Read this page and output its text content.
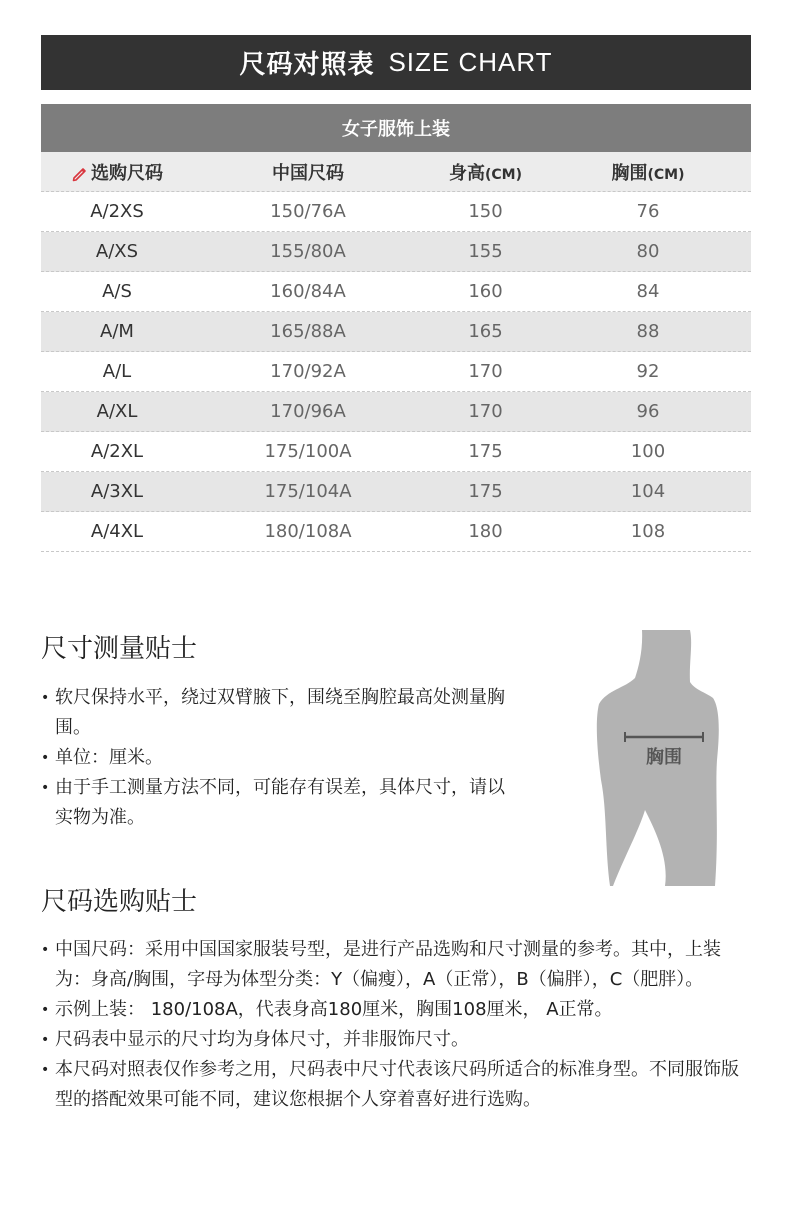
尺码对照表 SIZE CHART
女子服饰上装
选购尺码	中国尺码	身高(CM)	胸围(CM)
A/2XS	150/76A	150	76
A/XS	155/80A	155	80
A/S	160/84A	160	84
A/M	165/88A	165	88
A/L	170/92A	170	92
A/XL	170/96A	170	96
A/2XL	175/100A	175	100
A/3XL	175/104A	175	104
A/4XL	180/108A	180	108
尺寸测量贴士
• 软尺保持水平，绕过双臂腋下，围绕至胸腔最高处测量胸围。
• 单位：厘米。
• 由于手工测量方法不同，可能存有误差，具体尺寸，请以实物为准。
胸围
尺码选购贴士
• 中国尺码：采用中国国家服装号型，是进行产品选购和尺寸测量的参考。其中，上装为：身高/胸围，字母为体型分类：Y（偏瘦），A（正常），B（偏胖），C（肥胖）。
• 示例上装： 180/108A，代表身高180厘米，胸围108厘米， A正常。
• 尺码表中显示的尺寸均为身体尺寸，并非服饰尺寸。
• 本尺码对照表仅作参考之用，尺码表中尺寸代表该尺码所适合的标准身型。不同服饰版型的搭配效果可能不同，建议您根据个人穿着喜好进行选购。
